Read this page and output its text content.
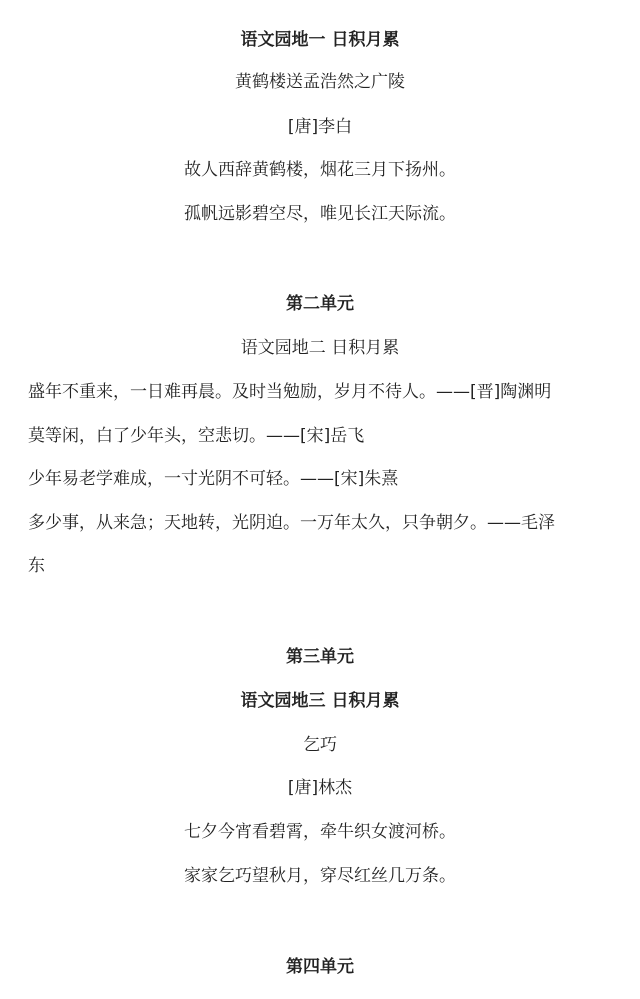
语文园地一 日积月累
黄鹤楼送孟浩然之广陵
[唐]李白
故人西辞黄鹤楼，烟花三月下扬州。
孤帆远影碧空尽，唯见长江天际流。
第二单元
语文园地二 日积月累
盛年不重来，一日难再晨。及时当勉励，岁月不待人。——[晋]陶渊明
莫等闲，白了少年头，空悲切。——[宋]岳飞
少年易老学难成，一寸光阴不可轻。——[宋]朱熹
多少事，从来急；天地转，光阴迫。一万年太久，只争朝夕。——毛泽
东
第三单元
语文园地三 日积月累
乞巧
[唐]林杰
七夕今宵看碧霄，牵牛织女渡河桥。
家家乞巧望秋月，穿尽红丝几万条。
第四单元
